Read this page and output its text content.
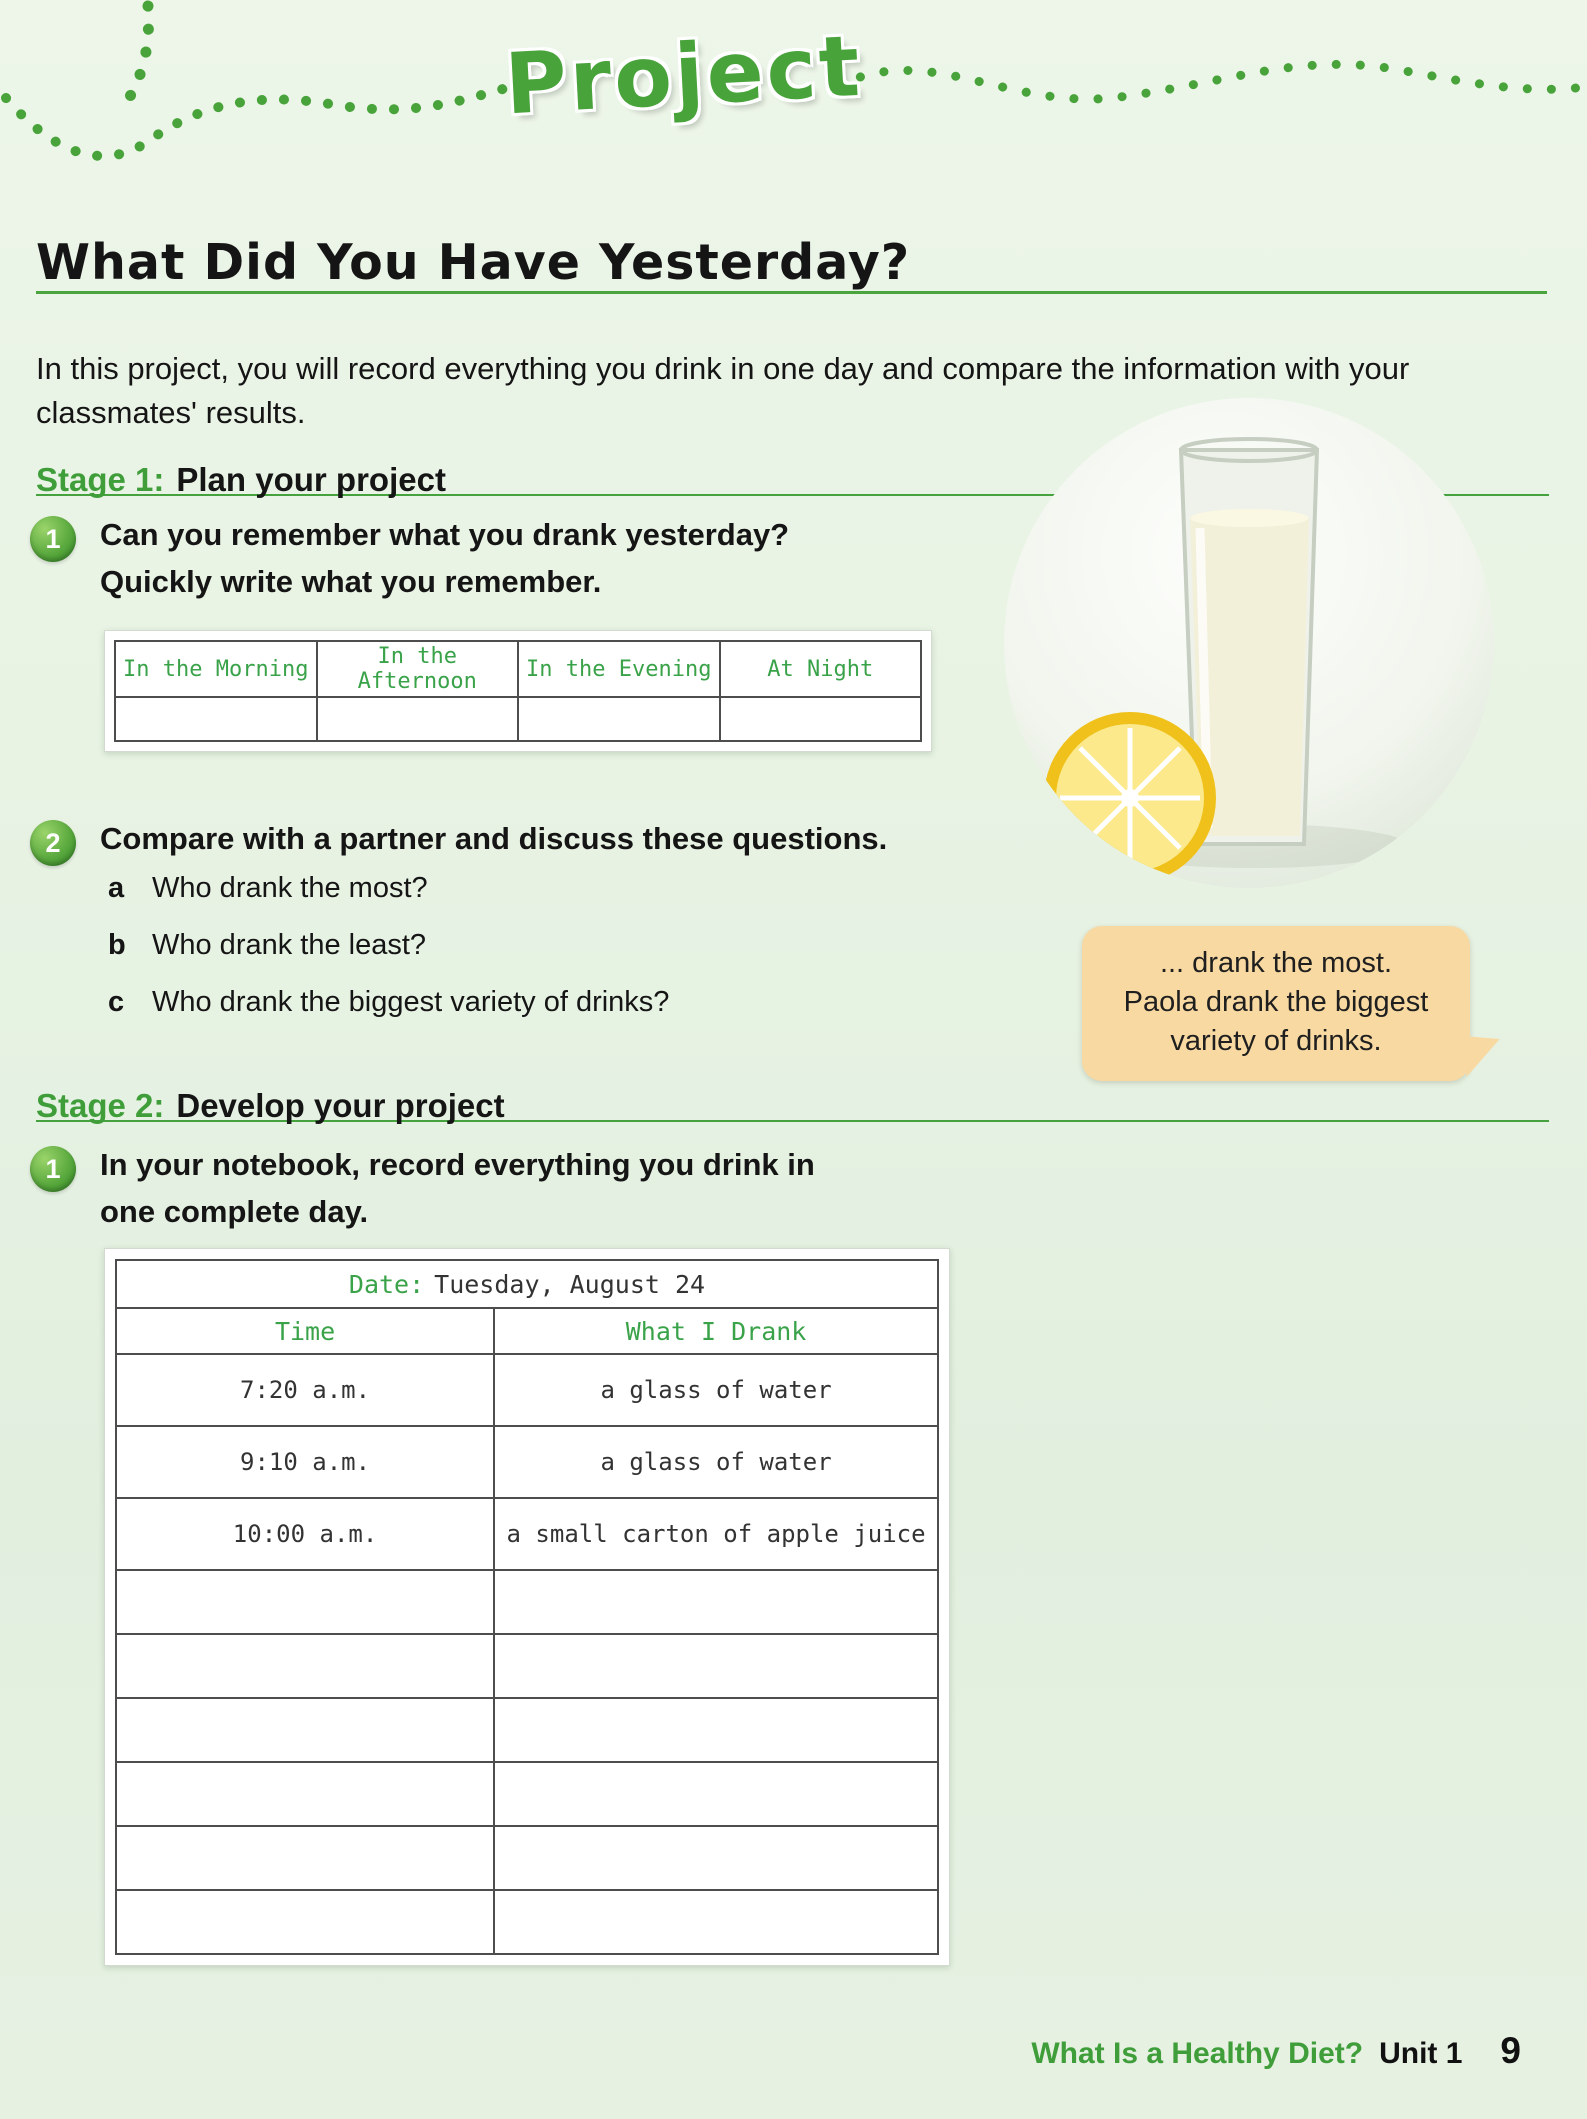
Project
What Did You Have Yesterday?

In this project, you will record everything you drink in one day and compare the information with your classmates' results.

Stage 1: Plan your project
1	Can you remember what you drank yesterday?
Quickly write what you remember.
In the Morning	In the Afternoon	In the Evening	At Night

2	Compare with a partner and discuss these questions.
a Who drank the most?
b Who drank the least?
c Who drank the biggest variety of drinks?
... drank the most.
Paola drank the biggest
variety of drinks.
Stage 2: Develop your project
1	In your notebook, record everything you drink in
one complete day.
Date: Tuesday, August 24	
Time	What I Drank
7:20 a.m.	a glass of water
9:10 a.m.	a glass of water
10:00 a.m.	a small carton of apple juice

What Is a Healthy Diet? Unit 1 9
